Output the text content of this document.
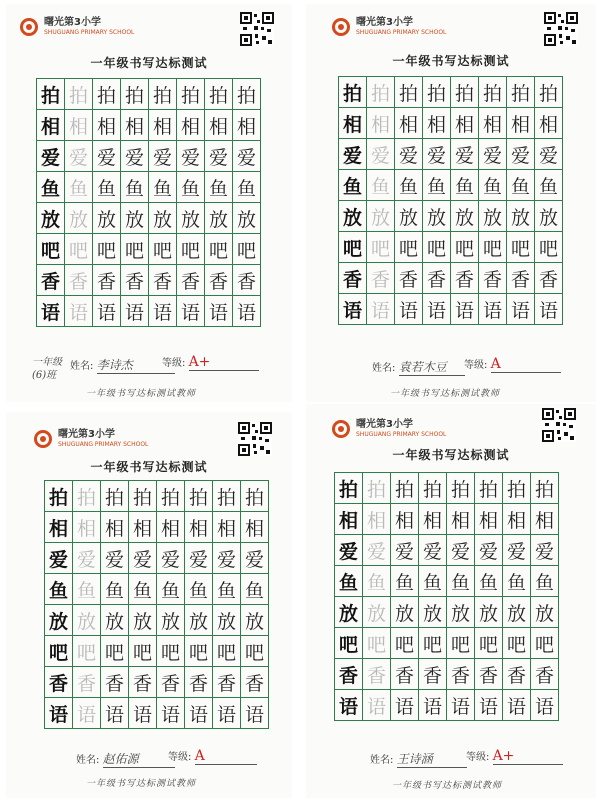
曙光第3小学
SHUGUANG PRIMARY SCHOOL
一年级书写达标测试
拍	拍	拍	拍	拍	拍	拍	拍
相	相	相	相	相	相	相	相
爱	爱	爱	爱	爱	爱	爱	爱
鱼	鱼	鱼	鱼	鱼	鱼	鱼	鱼
放	放	放	放	放	放	放	放
吧	吧	吧	吧	吧	吧	吧	吧
香	香	香	香	香	香	香	香
语	语	语	语	语	语	语	语
姓名: 李诗杰	等级: A+
一年级(6)班
一年级书写达标测试教师
曙光第3小学
SHUGUANG PRIMARY SCHOOL
一年级书写达标测试
拍	拍	拍	拍	拍	拍	拍	拍
相	相	相	相	相	相	相	相
爱	爱	爱	爱	爱	爱	爱	爱
鱼	鱼	鱼	鱼	鱼	鱼	鱼	鱼
放	放	放	放	放	放	放	放
吧	吧	吧	吧	吧	吧	吧	吧
香	香	香	香	香	香	香	香
语	语	语	语	语	语	语	语
姓名: 袁若木豆	等级: A
一年级书写达标测试教师
曙光第3小学
SHUGUANG PRIMARY SCHOOL
一年级书写达标测试
拍	拍	拍	拍	拍	拍	拍	拍
相	相	相	相	相	相	相	相
爱	爱	爱	爱	爱	爱	爱	爱
鱼	鱼	鱼	鱼	鱼	鱼	鱼	鱼
放	放	放	放	放	放	放	放
吧	吧	吧	吧	吧	吧	吧	吧
香	香	香	香	香	香	香	香
语	语	语	语	语	语	语	语
姓名: 赵佑源	等级: A
一年级书写达标测试教师
曙光第3小学
SHUGUANG PRIMARY SCHOOL
一年级书写达标测试
拍	拍	拍	拍	拍	拍	拍	拍
相	相	相	相	相	相	相	相
爱	爱	爱	爱	爱	爱	爱	爱
鱼	鱼	鱼	鱼	鱼	鱼	鱼	鱼
放	放	放	放	放	放	放	放
吧	吧	吧	吧	吧	吧	吧	吧
香	香	香	香	香	香	香	香
语	语	语	语	语	语	语	语
姓名: 王诗涵	等级: A+
一年级书写达标测试教师
